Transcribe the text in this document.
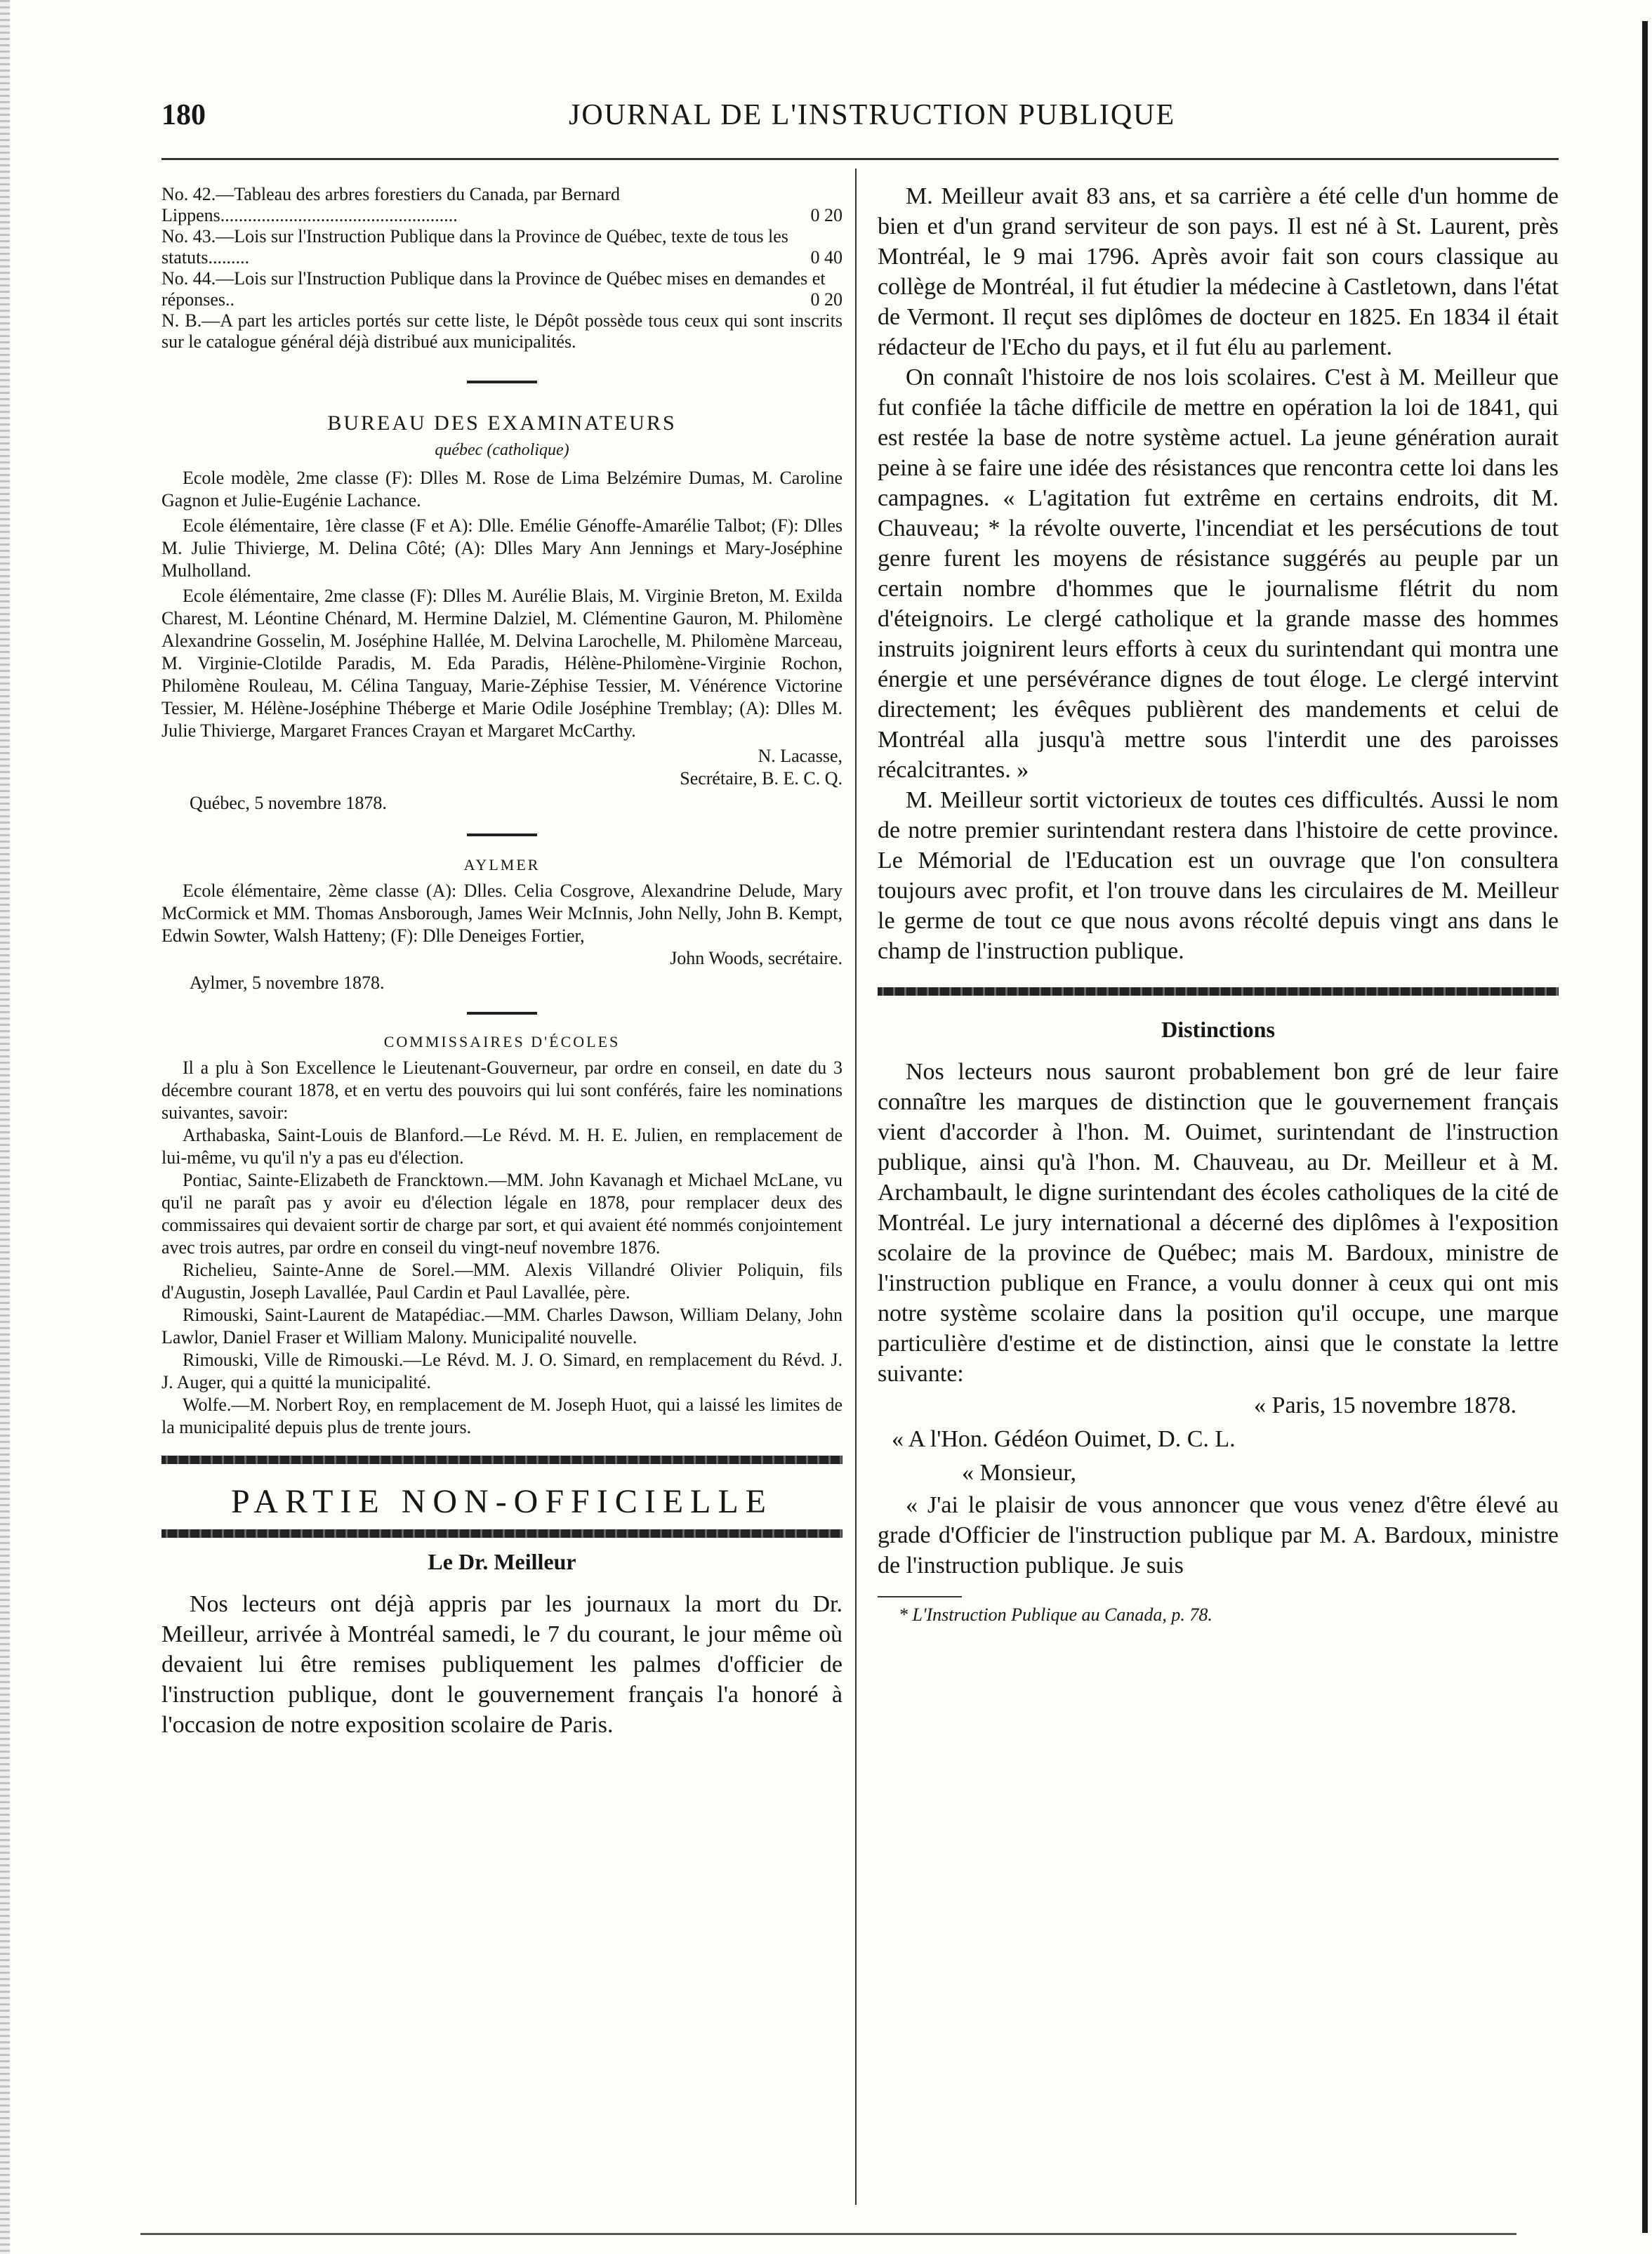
180	JOURNAL DE L'INSTRUCTION PUBLIQUE
No. 42.—Tableau des arbres forestiers du Canada, par Bernard Lippens....................................................	0 20
No. 43.—Lois sur l'Instruction Publique dans la Province de Québec, texte de tous les statuts.........	0 40
No. 44.—Lois sur l'Instruction Publique dans la Province de Québec mises en demandes et réponses..	0 20
N. B.—A part les articles portés sur cette liste, le Dépôt possède tous ceux qui sont inscrits sur le catalogue général déjà distribué aux municipalités.
BUREAU DES EXAMINATEURS
québec (catholique)

Ecole modèle, 2me classe (F): Dlles M. Rose de Lima Belzémire Dumas, M. Caroline Gagnon et Julie-Eugénie Lachance.

Ecole élémentaire, 1ère classe (F et A): Dlle. Emélie Génoffe-Amarélie Talbot; (F): Dlles M. Julie Thivierge, M. Delina Côté; (A): Dlles Mary Ann Jennings et Mary-Joséphine Mulholland.

Ecole élémentaire, 2me classe (F): Dlles M. Aurélie Blais, M. Virginie Breton, M. Exilda Charest, M. Léontine Chénard, M. Hermine Dalziel, M. Clémentine Gauron, M. Philomène Alexandrine Gosselin, M. Joséphine Hallée, M. Delvina Larochelle, M. Philomène Marceau, M. Virginie-Clotilde Paradis, M. Eda Paradis, Hélène-Philomène-Virginie Rochon, Philomène Rouleau, M. Célina Tanguay, Marie-Zéphise Tessier, M. Vénérence Victorine Tessier, M. Hélène-Joséphine Théberge et Marie Odile Joséphine Tremblay; (A): Dlles M. Julie Thivierge, Margaret Frances Crayan et Margaret McCarthy.

N. Lacasse,
Secrétaire, B. E. C. Q.
Québec, 5 novembre 1878.
AYLMER

Ecole élémentaire, 2ème classe (A): Dlles. Celia Cosgrove, Alexandrine Delude, Mary McCormick et MM. Thomas Ansborough, James Weir McInnis, John Nelly, John B. Kempt, Edwin Sowter, Walsh Hatteny; (F): Dlle Deneiges Fortier,

John Woods, secrétaire.
Aylmer, 5 novembre 1878.
COMMISSAIRES D'ÉCOLES

Il a plu à Son Excellence le Lieutenant-Gouverneur, par ordre en conseil, en date du 3 décembre courant 1878, et en vertu des pouvoirs qui lui sont conférés, faire les nominations suivantes, savoir:

Arthabaska, Saint-Louis de Blanford.—Le Révd. M. H. E. Julien, en remplacement de lui-même, vu qu'il n'y a pas eu d'élection.

Pontiac, Sainte-Elizabeth de Francktown.—MM. John Kavanagh et Michael McLane, vu qu'il ne paraît pas y avoir eu d'élection légale en 1878, pour remplacer deux des commissaires qui devaient sortir de charge par sort, et qui avaient été nommés conjointement avec trois autres, par ordre en conseil du vingt-neuf novembre 1876.

Richelieu, Sainte-Anne de Sorel.—MM. Alexis Villandré Olivier Poliquin, fils d'Augustin, Joseph Lavallée, Paul Cardin et Paul Lavallée, père.

Rimouski, Saint-Laurent de Matapédiac.—MM. Charles Dawson, William Delany, John Lawlor, Daniel Fraser et William Malony. Municipalité nouvelle.

Rimouski, Ville de Rimouski.—Le Révd. M. J. O. Simard, en remplacement du Révd. J. J. Auger, qui a quitté la municipalité.

Wolfe.—M. Norbert Roy, en remplacement de M. Joseph Huot, qui a laissé les limites de la municipalité depuis plus de trente jours.

PARTIE NON-OFFICIELLE
Le Dr. Meilleur

Nos lecteurs ont déjà appris par les journaux la mort du Dr. Meilleur, arrivée à Montréal samedi, le 7 du courant, le jour même où devaient lui être remises publiquement les palmes d'officier de l'instruction publique, dont le gouvernement français l'a honoré à l'occasion de notre exposition scolaire de Paris.

M. Meilleur avait 83 ans, et sa carrière a été celle d'un homme de bien et d'un grand serviteur de son pays. Il est né à St. Laurent, près Montréal, le 9 mai 1796. Après avoir fait son cours classique au collège de Montréal, il fut étudier la médecine à Castletown, dans l'état de Vermont. Il reçut ses diplômes de docteur en 1825. En 1834 il était rédacteur de l'Echo du pays, et il fut élu au parlement.

On connaît l'histoire de nos lois scolaires. C'est à M. Meilleur que fut confiée la tâche difficile de mettre en opération la loi de 1841, qui est restée la base de notre système actuel. La jeune génération aurait peine à se faire une idée des résistances que rencontra cette loi dans les campagnes. « L'agitation fut extrême en certains endroits, dit M. Chauveau; * la révolte ouverte, l'incendiat et les persécutions de tout genre furent les moyens de résistance suggérés au peuple par un certain nombre d'hommes que le journalisme flétrit du nom d'éteignoirs. Le clergé catholique et la grande masse des hommes instruits joignirent leurs efforts à ceux du surintendant qui montra une énergie et une persévérance dignes de tout éloge. Le clergé intervint directement; les évêques publièrent des mandements et celui de Montréal alla jusqu'à mettre sous l'interdit une des paroisses récalcitrantes. »

M. Meilleur sortit victorieux de toutes ces difficultés. Aussi le nom de notre premier surintendant restera dans l'histoire de cette province. Le Mémorial de l'Education est un ouvrage que l'on consultera toujours avec profit, et l'on trouve dans les circulaires de M. Meilleur le germe de tout ce que nous avons récolté depuis vingt ans dans le champ de l'instruction publique.

Distinctions

Nos lecteurs nous sauront probablement bon gré de leur faire connaître les marques de distinction que le gouvernement français vient d'accorder à l'hon. M. Ouimet, surintendant de l'instruction publique, ainsi qu'à l'hon. M. Chauveau, au Dr. Meilleur et à M. Archambault, le digne surintendant des écoles catholiques de la cité de Montréal. Le jury international a décerné des diplômes à l'exposition scolaire de la province de Québec; mais M. Bardoux, ministre de l'instruction publique en France, a voulu donner à ceux qui ont mis notre système scolaire dans la position qu'il occupe, une marque particulière d'estime et de distinction, ainsi que le constate la lettre suivante:

« Paris, 15 novembre 1878.
« A l'Hon. Gédéon Ouimet, D. C. L.
« Monsieur,

« J'ai le plaisir de vous annoncer que vous venez d'être élevé au grade d'Officier de l'instruction publique par M. A. Bardoux, ministre de l'instruction publique. Je suis

* L'Instruction Publique au Canada, p. 78.
